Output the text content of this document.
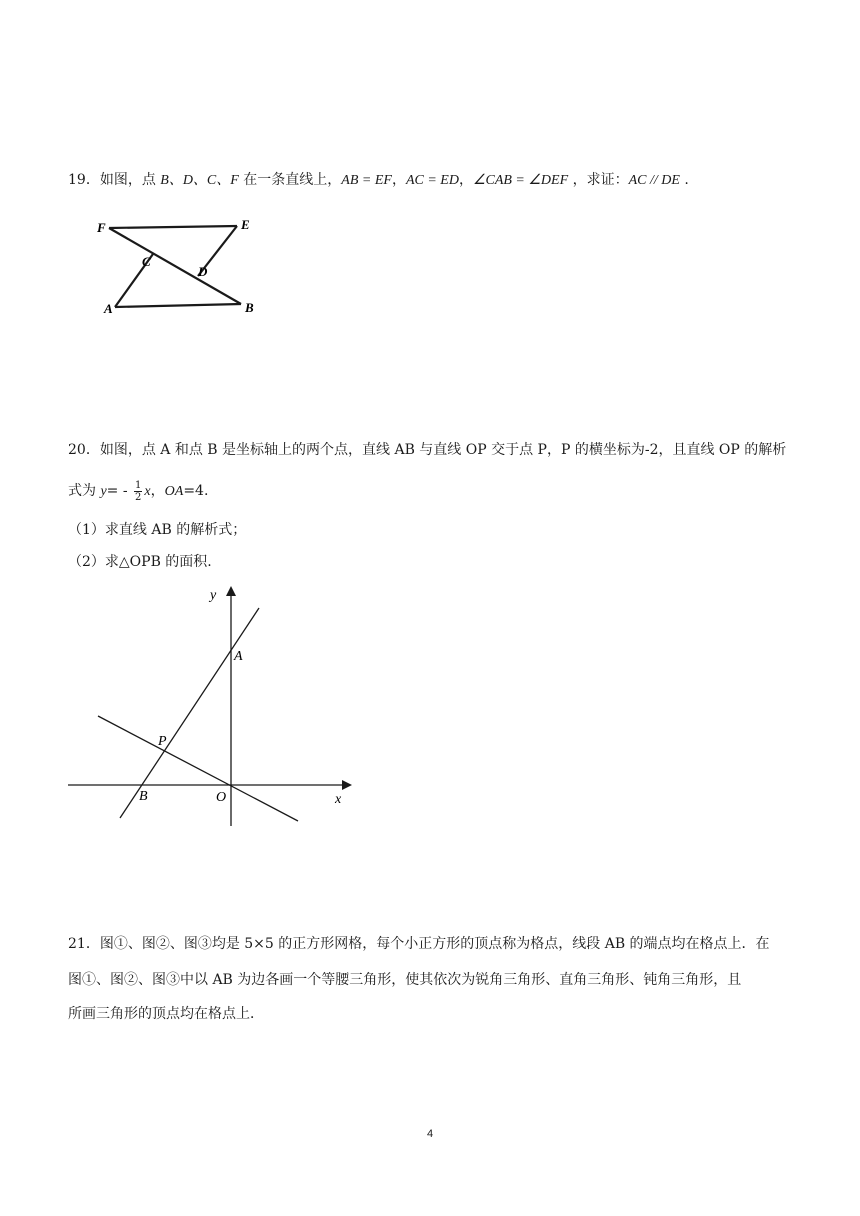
19．如图，点 B、D、C、F 在一条直线上，AB = EF，AC = ED，∠CAB = ∠DEF ，求证：AC // DE .
F	E
C
D
A	B
20．如图，点 A 和点 B 是坐标轴上的两个点，直线 AB 与直线 OP 交于点 P，P 的横坐标为-2，且直线 OP 的解析
式为 $y= - \frac{1}{2}$ x，OA=4.
（1）求直线 AB 的解析式；
（2）求△OPB 的面积.
y
x
A
P
B	O
21．图①、图②、图③均是 5×5 的正方形网格，每个小正方形的顶点称为格点，线段 AB 的端点均在格点上．在
图①、图②、图③中以 AB 为边各画一个等腰三角形，使其依次为锐角三角形、直角三角形、钝角三角形，且
所画三角形的顶点均在格点上．
4
